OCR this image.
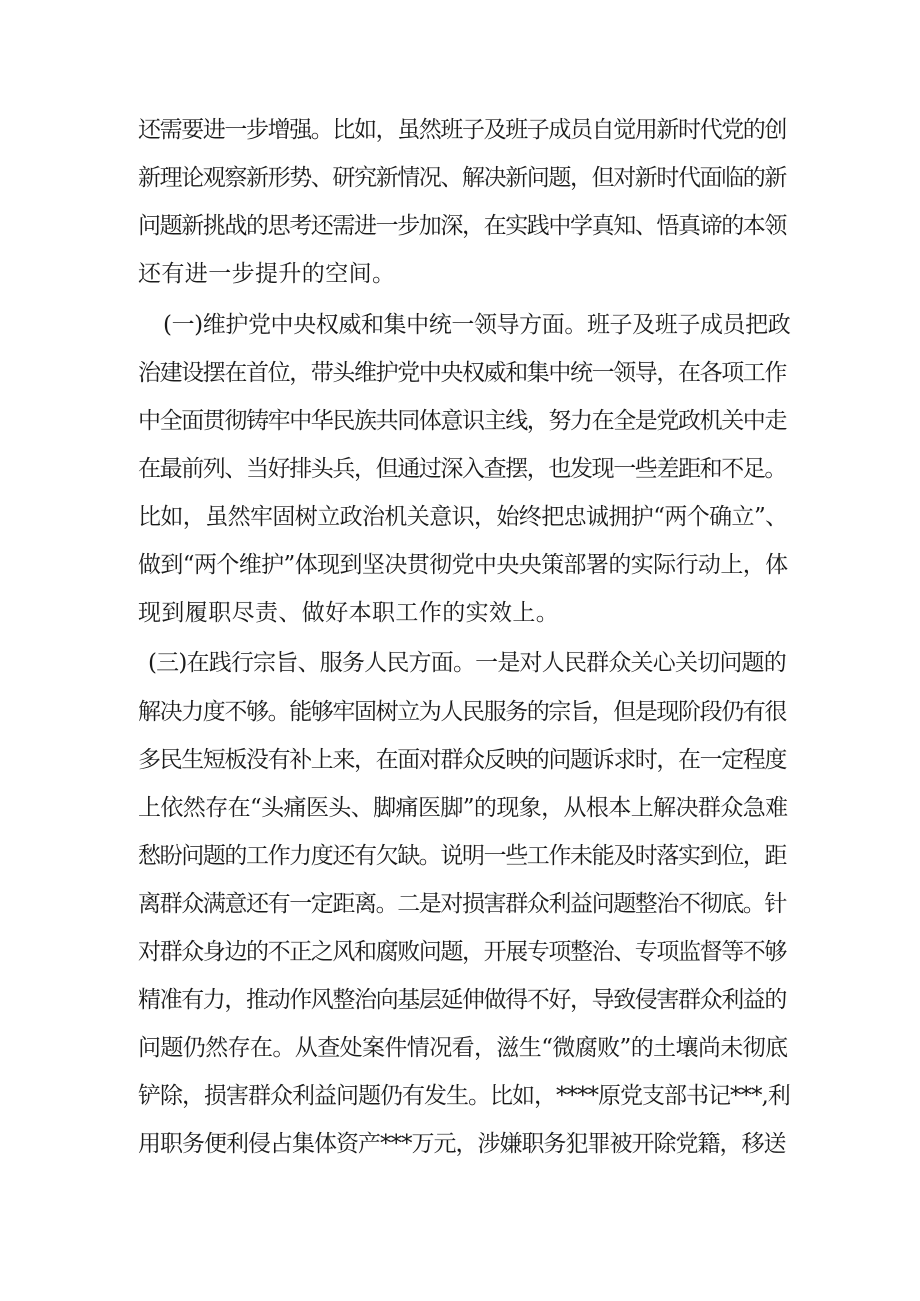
还需要进一步增强。比如，虽然班子及班子成员自觉用新时代党的创
新理论观察新形势、研究新情况、解决新问题，但对新时代面临的新
问题新挑战的思考还需进一步加深，在实践中学真知、悟真谛的本领
还有进一步提升的空间。
(一)维护党中央权威和集中统一领导方面。班子及班子成员把政
治建设摆在首位，带头维护党中央权威和集中统一领导，在各项工作
中全面贯彻铸牢中华民族共同体意识主线，努力在全是党政机关中走
在最前列、当好排头兵，但通过深入查摆，也发现一些差距和不足。
比如，虽然牢固树立政治机关意识，始终把忠诚拥护“两个确立”、
做到“两个维护”体现到坚决贯彻党中央央策部署的实际行动上，体
现到履职尽责、做好本职工作的实效上。
(三)在践行宗旨、服务人民方面。一是对人民群众关心关切问题的
解决力度不够。能够牢固树立为人民服务的宗旨，但是现阶段仍有很
多民生短板没有补上来，在面对群众反映的问题诉求时，在一定程度
上依然存在“头痛医头、脚痛医脚”的现象，从根本上解决群众急难
愁盼问题的工作力度还有欠缺。说明一些工作未能及时落实到位，距
离群众满意还有一定距离。二是对损害群众利益问题整治不彻底。针
对群众身边的不正之风和腐败问题，开展专项整治、专项监督等不够
精准有力，推动作风整治向基层延伸做得不好，导致侵害群众利益的
问题仍然存在。从查处案件情况看，滋生“微腐败”的土壤尚未彻底
铲除，损害群众利益问题仍有发生。比如，****原党支部书记***,利
用职务便利侵占集体资产***万元，涉嫌职务犯罪被开除党籍，移送
